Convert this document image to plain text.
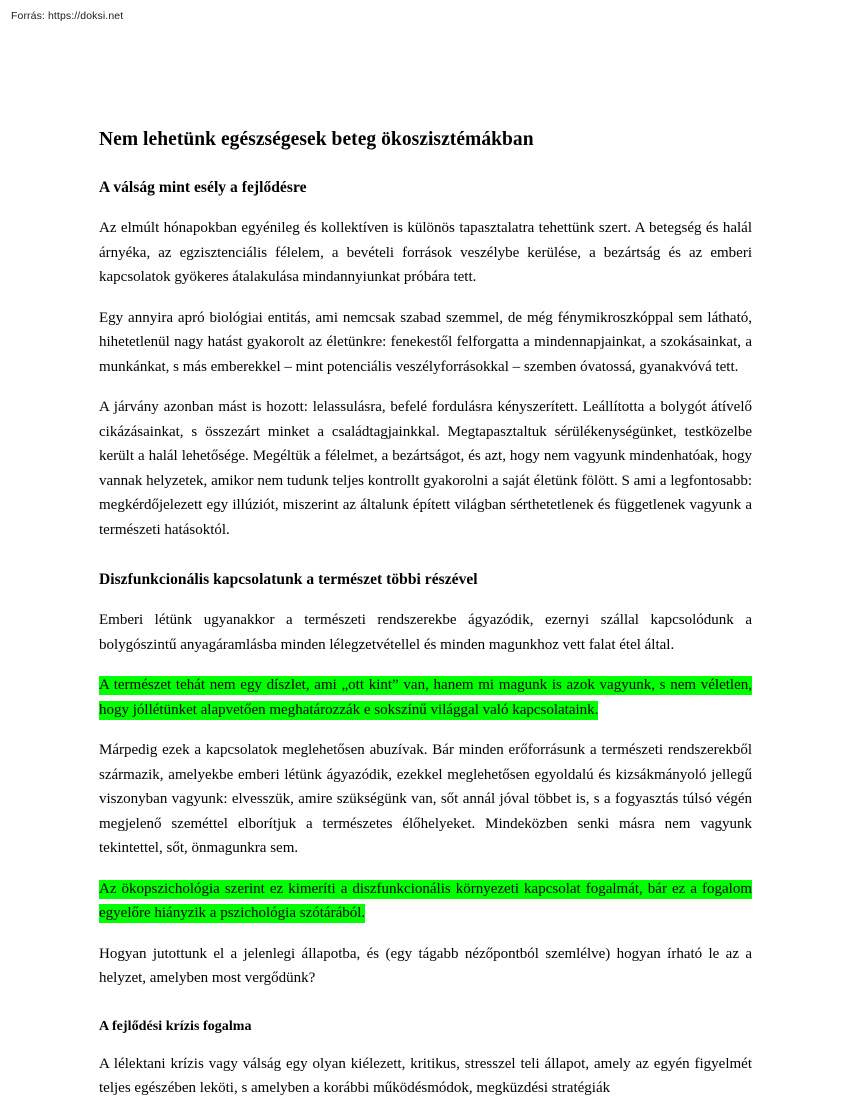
Forrás: https://doksi.net
Nem lehetünk egészségesek beteg ökoszisztémákban
A válság mint esély a fejlődésre

Az elmúlt hónapokban egyénileg és kollektíven is különös tapasztalatra tehettünk szert. A betegség és halál árnyéka, az egzisztenciális félelem, a bevételi források veszélybe kerülése, a bezártság és az emberi kapcsolatok gyökeres átalakulása mindannyiunkat próbára tett.

Egy annyira apró biológiai entitás, ami nemcsak szabad szemmel, de még fénymikroszkóppal sem látható, hihetetlenül nagy hatást gyakorolt az életünkre: fenekestől felforgatta a mindennapjainkat, a szokásainkat, a munkánkat, s más emberekkel – mint potenciális veszélyforrásokkal – szemben óvatossá, gyanakvóvá tett.

A járvány azonban mást is hozott: lelassulásra, befelé fordulásra kényszerített. Leállította a bolygót átívelő cikázásainkat, s összezárt minket a családtagjainkkal. Megtapasztaltuk sérülékenységünket, testközelbe került a halál lehetősége. Megéltük a félelmet, a bezártságot, és azt, hogy nem vagyunk mindenhatóak, hogy vannak helyzetek, amikor nem tudunk teljes kontrollt gyakorolni a saját életünk fölött. S ami a legfontosabb: megkérdőjelezett egy illúziót, miszerint az általunk épített világban sérthetetlenek és függetlenek vagyunk a természeti hatásoktól.

Diszfunkcionális kapcsolatunk a természet többi részével

Emberi létünk ugyanakkor a természeti rendszerekbe ágyazódik, ezernyi szállal kapcsolódunk a bolygószintű anyagáramlásba minden lélegzetvétellel és minden magunkhoz vett falat étel által.

A természet tehát nem egy díszlet, ami „ott kint” van, hanem mi magunk is azok vagyunk, s nem véletlen, hogy jóllétünket alapvetően meghatározzák e sokszínű világgal való kapcsolataink.

Márpedig ezek a kapcsolatok meglehetősen abuzívak. Bár minden erőforrásunk a természeti rendszerekből származik, amelyekbe emberi létünk ágyazódik, ezekkel meglehetősen egyoldalú és kizsákmányoló jellegű viszonyban vagyunk: elvesszük, amire szükségünk van, sőt annál jóval többet is, s a fogyasztás túlsó végén megjelenő szeméttel elborítjuk a természetes élőhelyeket. Mindeközben senki másra nem vagyunk tekintettel, sőt, önmagunkra sem.

Az ökopszichológia szerint ez kimeríti a diszfunkcionális környezeti kapcsolat fogalmát, bár ez a fogalom egyelőre hiányzik a pszichológia szótárából.

Hogyan jutottunk el a jelenlegi állapotba, és (egy tágabb nézőpontból szemlélve) hogyan írható le az a helyzet, amelyben most vergődünk?

A fejlődési krízis fogalma

A lélektani krízis vagy válság egy olyan kiélezett, kritikus, stresszel teli állapot, amely az egyén figyelmét teljes egészében leköti, s amelyben a korábbi működésmódok, megküzdési stratégiák
